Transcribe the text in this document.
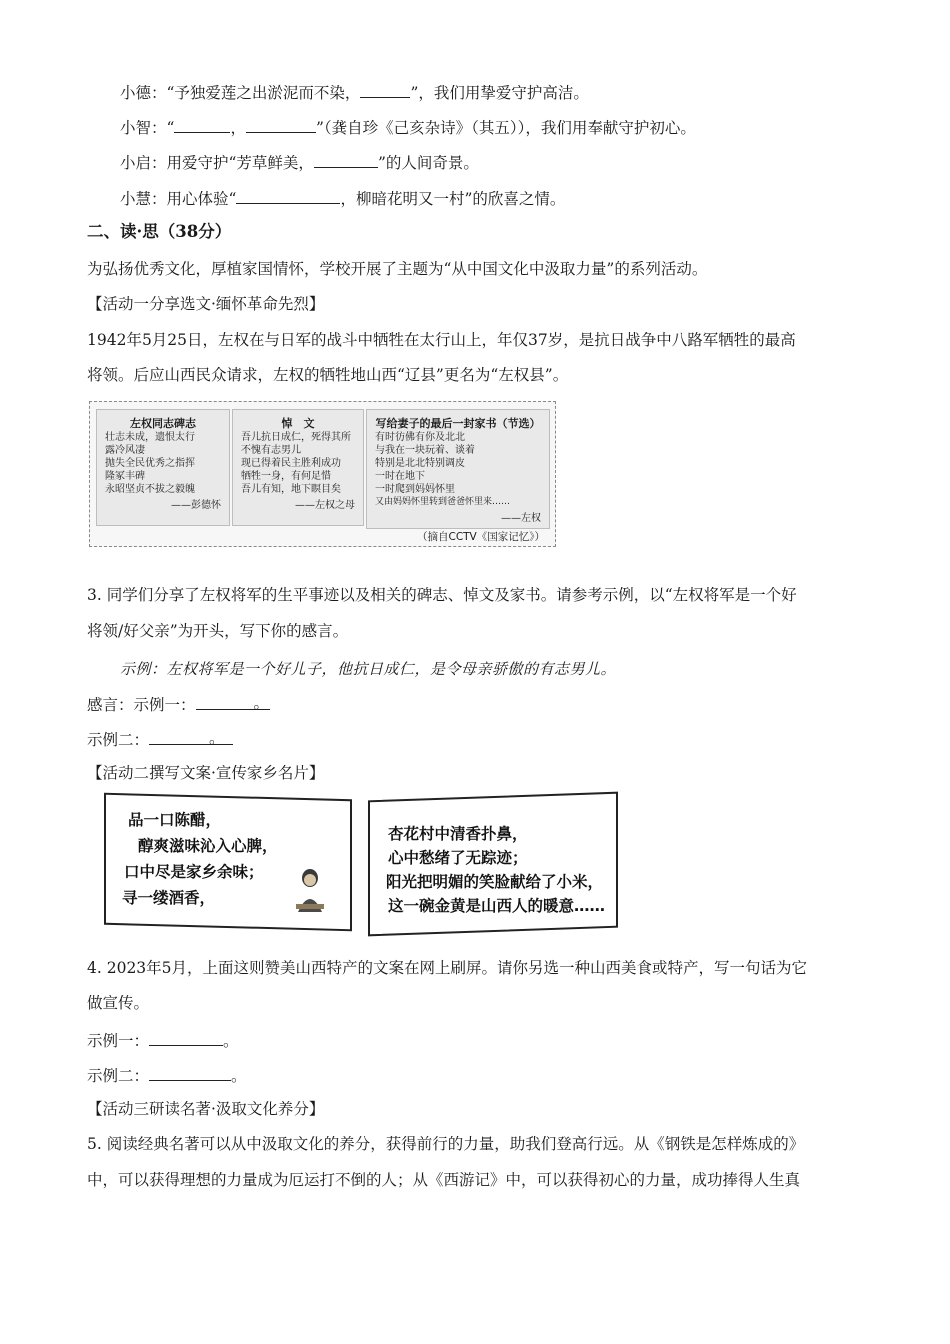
小德：“予独爱莲之出淤泥而不染，	”，我们用挚爱守护高洁。
小智：“	，	”（龚自珍《己亥杂诗》（其五）），我们用奉献守护初心。
小启：用爱守护“芳草鲜美，	”的人间奇景。
小慧：用心体验“	，柳暗花明又一村”的欣喜之情。
二、读·思（38分）
为弘扬优秀文化，厚植家国情怀，学校开展了主题为“从中国文化中汲取力量”的系列活动。
【活动一分享选文·缅怀革命先烈】
1942年5月25日，左权在与日军的战斗中牺牲在太行山上，年仅37岁，是抗日战争中八路军牺牲的最高
将领。后应山西民众请求，左权的牺牲地山西“辽县”更名为“左权县”。
左权同志碑志
壮志未成，遗恨太行
露冷风凄
抛失全民优秀之指挥
隆冢丰碑
永昭坚贞不拔之毅魄
——彭德怀
悼　文
吾儿抗日成仁，死得其所
不愧有志男儿
现已得着民主胜利成功
牺牲一身，有何足惜
吾儿有知，地下瞑目矣
——左权之母
写给妻子的最后一封家书（节选）
有时彷佛有你及北北
与我在一块玩着、谈着
特别是北北特别调皮
一时在地下
一时爬到妈妈怀里
又由妈妈怀里转到爸爸怀里来……
——左权
（摘自CCTV《国家记忆》）
3. 同学们分享了左权将军的生平事迹以及相关的碑志、悼文及家书。请参考示例，以“左权将军是一个好
将领/好父亲”为开头，写下你的感言。
示例：左权将军是一个好儿子，他抗日成仁，是令母亲骄傲的有志男儿。
感言：示例一：	。
示例二：	。
【活动二撰写文案·宣传家乡名片】
品一口陈醋，
醇爽滋味沁入心脾，
口中尽是家乡余味；
寻一缕酒香，
杏花村中清香扑鼻，
心中愁绪了无踪迹；
阳光把明媚的笑脸献给了小米，
这一碗金黄是山西人的暖意……
4. 2023年5月，上面这则赞美山西特产的文案在网上刷屏。请你另选一种山西美食或特产，写一句话为它
做宣传。
示例一：	。
示例二：	。
【活动三研读名著·汲取文化养分】
5. 阅读经典名著可以从中汲取文化的养分，获得前行的力量，助我们登高行远。从《钢铁是怎样炼成的》
中，可以获得理想的力量成为厄运打不倒的人；从《西游记》中，可以获得初心的力量，成功捧得人生真
